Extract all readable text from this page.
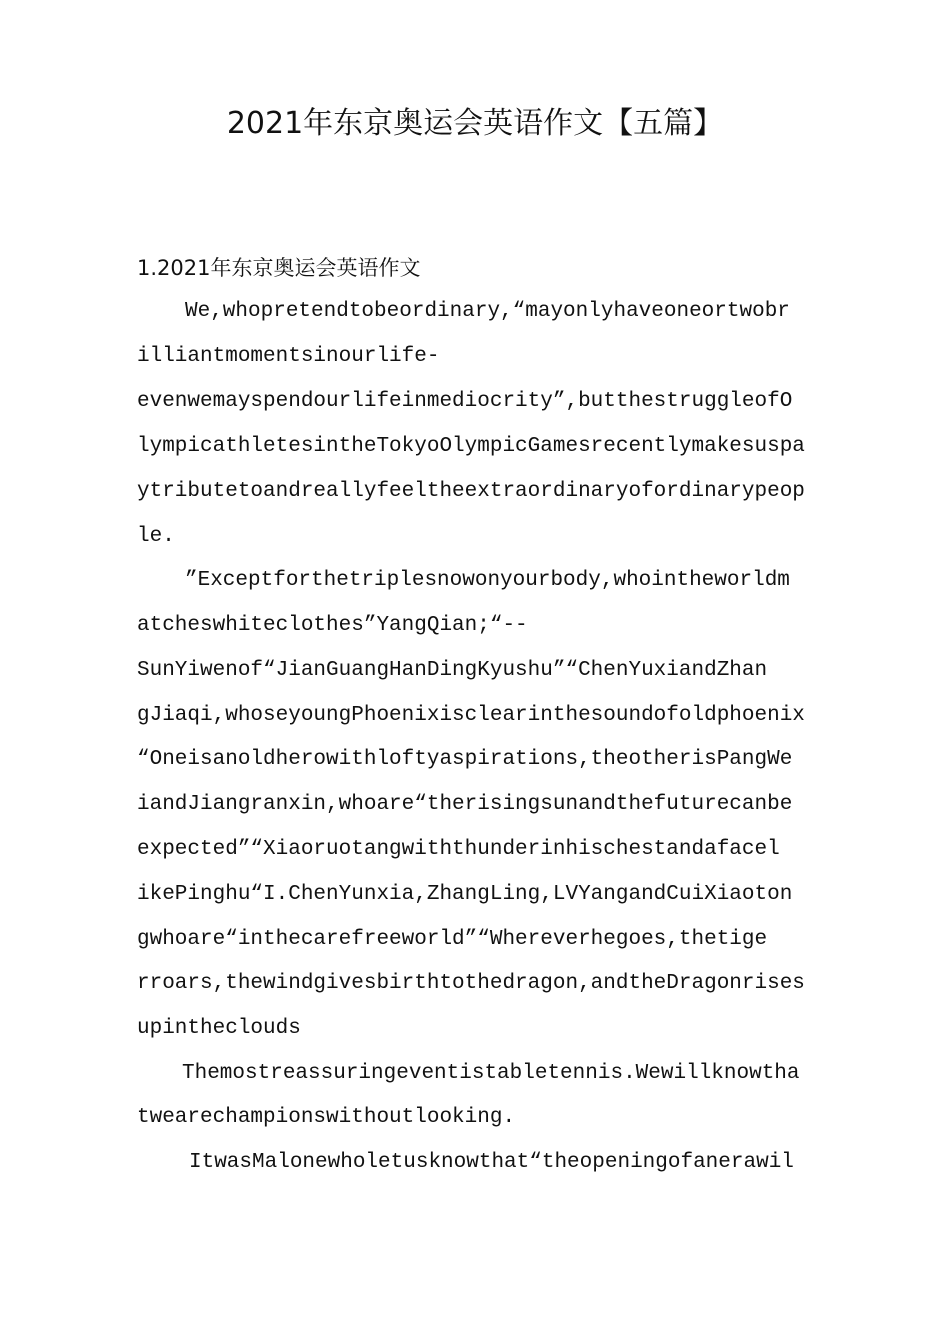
2021年东京奥运会英语作文【五篇】
1.2021年东京奥运会英语作文
We,whopretendtobeordinary,“mayonlyhaveoneortwobr
illiantmomentsinourlife-
evenwemayspendourlifeinmediocrity”,butthestruggleofO
lympicathletesintheTokyoOlympicGamesrecentlymakesuspa
ytributetoandreallyfeeltheextraordinaryofordinarypeop
le.
”Exceptforthetriplesnowonyourbody,whointheworldm
atcheswhiteclothes”YangQian;“--
SunYiwenof“JianGuangHanDingKyushu”“ChenYuxiandZhan
gJiaqi,whoseyoungPhoenixisclearinthesoundofoldphoenix
“Oneisanoldherowithloftyaspirations,theotherisPangWe
iandJiangranxin,whoare“therisingsunandthefuturecanbe
expected”“Xiaoruotangwiththunderinhischestandafacel
ikePinghu“I.ChenYunxia,ZhangLing,LVYangandCuiXiaoton
gwhoare“inthecarefreeworld”“Whereverhegoes,thetige
rroars,thewindgivesbirthtothedragon,andtheDragonrises
upintheclouds
Themostreassuringeventistabletennis.Wewillknowtha
twearechampionswithoutlooking.
ItwasMalonewholetusknowthat“theopeningofanerawil
